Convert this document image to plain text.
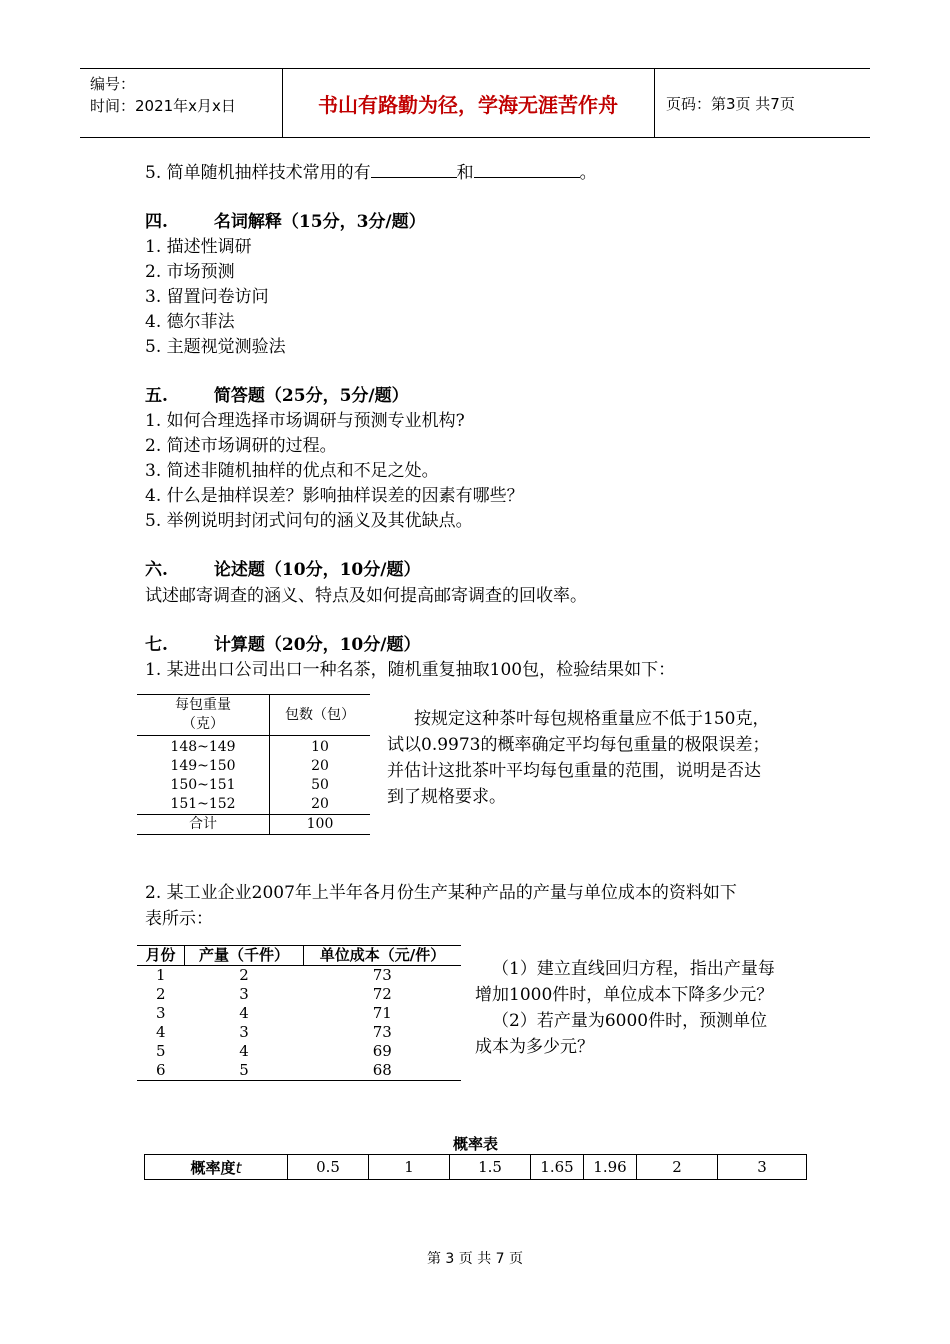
编号：
时间：2021年x月x日	书山有路勤为径，学海无涯苦作舟	页码：第3页 共7页
5. 简单随机抽样技术常用的有	和	。
四.	名词解释（15分，3分/题）
1. 描述性调研
2. 市场预测
3. 留置问卷访问
4. 德尔菲法
5. 主题视觉测验法
五.	简答题（25分，5分/题）
1. 如何合理选择市场调研与预测专业机构?
2. 简述市场调研的过程。
3. 简述非随机抽样的优点和不足之处。
4. 什么是抽样误差？影响抽样误差的因素有哪些？
5. 举例说明封闭式问句的涵义及其优缺点。
六.	论述题（10分，10分/题）
试述邮寄调查的涵义、特点及如何提高邮寄调查的回收率。
七.	计算题（20分，10分/题）
1. 某进出口公司出口一种名茶，随机重复抽取100包，检验结果如下：
每包重量
（克）	包数（包）
148~149	10
149~150	20
150~151	50
151~152	20
合计	100
按规定这种茶叶每包规格重量应不低于150克，
试以0.9973的概率确定平均每包重量的极限误差；
并估计这批茶叶平均每包重量的范围，说明是否达
到了规格要求。
2. 某工业企业2007年上半年各月份生产某种产品的产量与单位成本的资料如下
表所示：
月份	产量（千件）	单位成本（元/件）
1	2	73
2	3	72
3	4	71
4	3	73
5	4	69
6	5	68
（1）建立直线回归方程，指出产量每
增加1000件时，单位成本下降多少元？
（2）若产量为6000件时，预测单位
成本为多少元？
概率表
概率度t	0.5	1	1.5	1.65	1.96	2	3
第 3 页 共 7 页
